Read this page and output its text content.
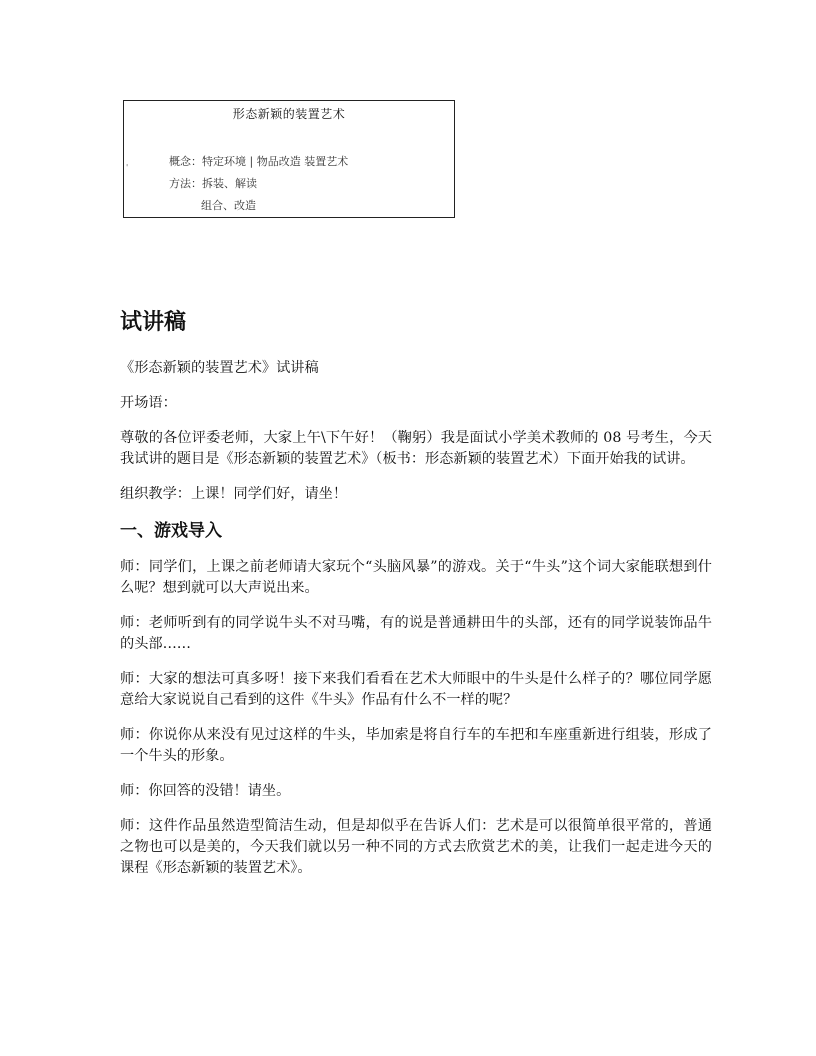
形态新颖的装置艺术
'	概念：特定环境 | 物品改造 装置艺术
方法：拆装、解读
组合、改造
试讲稿

《形态新颖的装置艺术》试讲稿

开场语：

尊敬的各位评委老师，大家上午\下午好！（鞠躬）我是面试小学美术教师的 08 号考生，今天我试讲的题目是《形态新颖的装置艺术》（板书：形态新颖的装置艺术）下面开始我的试讲。

组织教学：上课！同学们好，请坐！

一、游戏导入

师：同学们，上课之前老师请大家玩个“头脑风暴”的游戏。关于“牛头”这个词大家能联想到什么呢？想到就可以大声说出来。

师：老师听到有的同学说牛头不对马嘴，有的说是普通耕田牛的头部，还有的同学说装饰品牛的头部……

师：大家的想法可真多呀！接下来我们看看在艺术大师眼中的牛头是什么样子的？哪位同学愿意给大家说说自己看到的这件《牛头》作品有什么不一样的呢？

师：你说你从来没有见过这样的牛头，毕加索是将自行车的车把和车座重新进行组装，形成了一个牛头的形象。

师：你回答的没错！请坐。

师：这件作品虽然造型简洁生动，但是却似乎在告诉人们：艺术是可以很简单很平常的，普通之物也可以是美的，今天我们就以另一种不同的方式去欣赏艺术的美，让我们一起走进今天的课程《形态新颖的装置艺术》。
